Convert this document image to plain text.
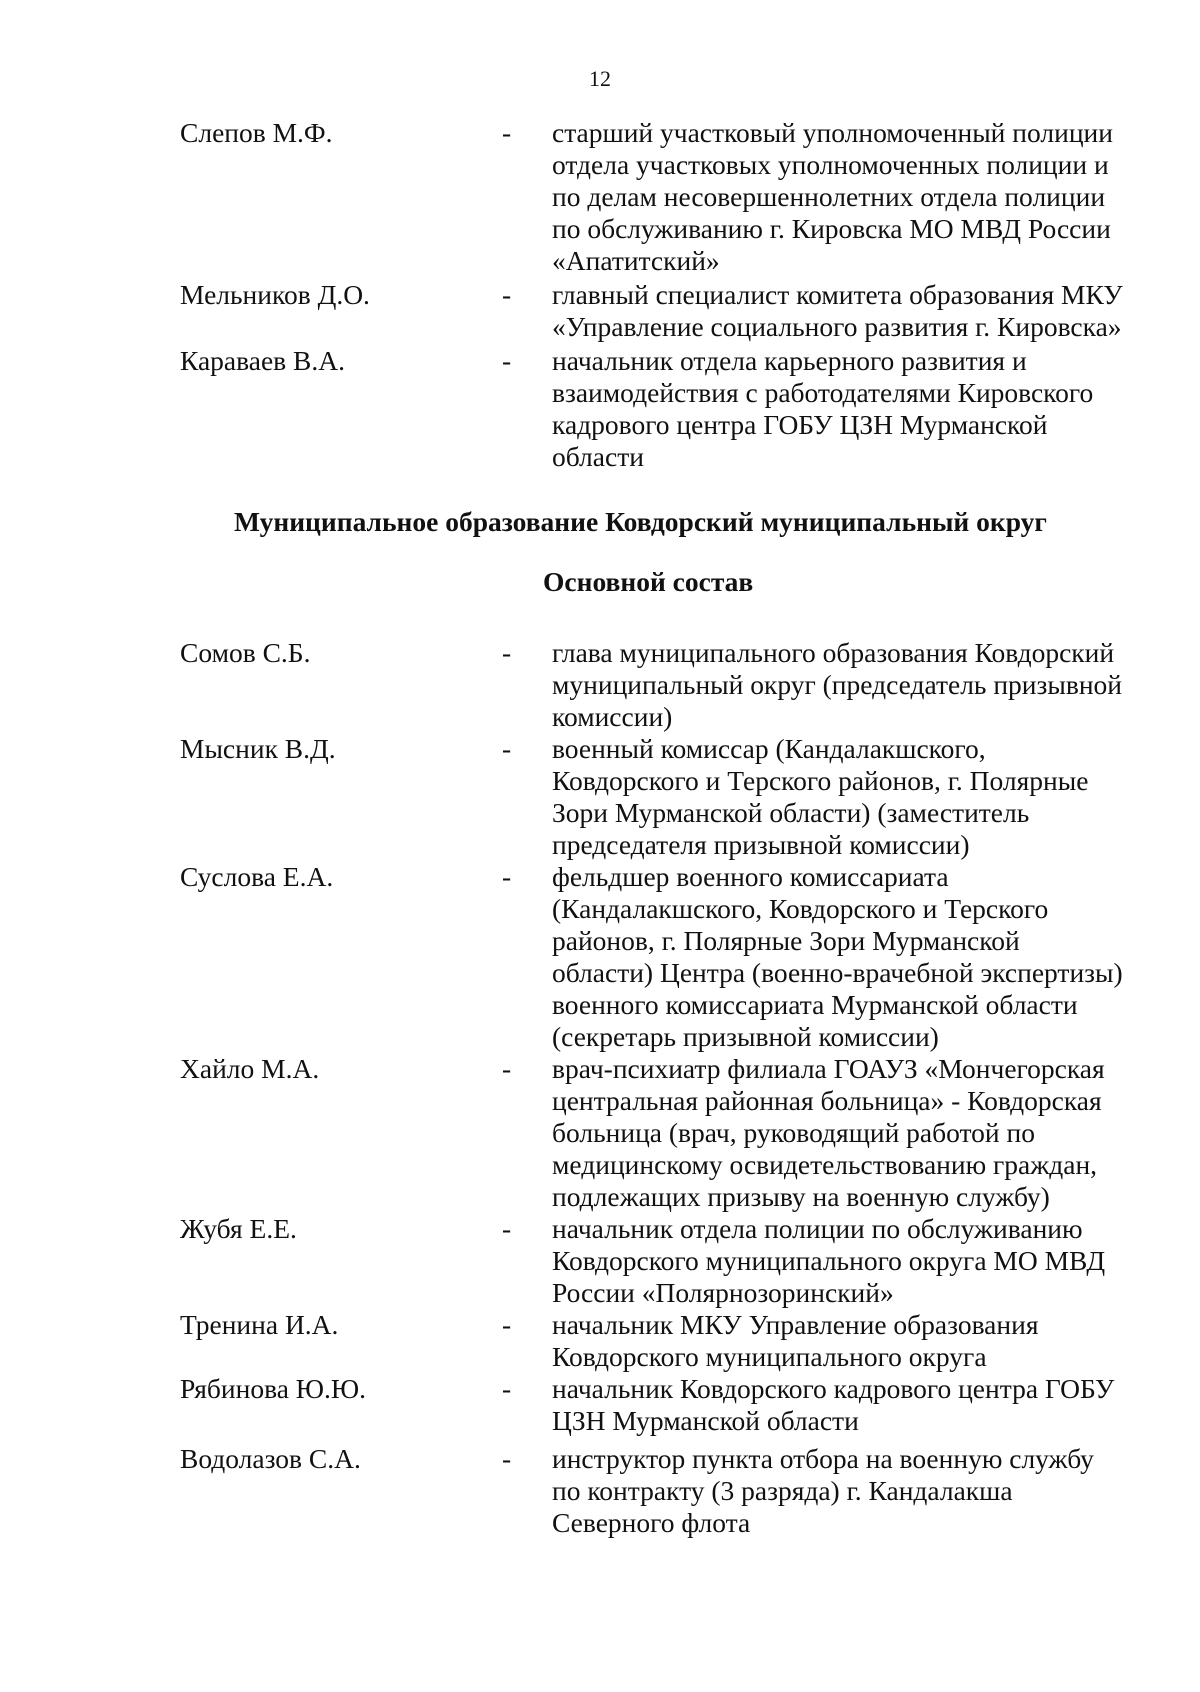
12
Слепов М.Ф.	-	старший участковый уполномоченный полиции
отдела участковых уполномоченных полиции и
по делам несовершеннолетних отдела полиции
по обслуживанию г. Кировска МО МВД России
«Апатитский»
Мельников Д.О.	-	главный специалист комитета образования МКУ
«Управление социального развития г. Кировска»
Караваев В.А.	-	начальник отдела карьерного развития и
взаимодействия с работодателями Кировского
кадрового центра ГОБУ ЦЗН Мурманской
области
Муниципальное образование Ковдорский муниципальный округ
Основной состав
Сомов С.Б.	-	глава муниципального образования Ковдорский
муниципальный округ (председатель призывной
комиссии)
Мысник В.Д.	-	военный комиссар (Кандалакшского,
Ковдорского и Терского районов, г. Полярные
Зори Мурманской области) (заместитель
председателя призывной комиссии)
Суслова Е.А.	-	фельдшер военного комиссариата
(Кандалакшского, Ковдорского и Терского
районов, г. Полярные Зори Мурманской
области) Центра (военно-врачебной экспертизы)
военного комиссариата Мурманской области
(секретарь призывной комиссии)
Хайло М.А.	-	врач-психиатр филиала ГОАУЗ «Мончегорская
центральная районная больница» - Ковдорская
больница (врач, руководящий работой по
медицинскому освидетельствованию граждан,
подлежащих призыву на военную службу)
Жубя Е.Е.	-	начальник отдела полиции по обслуживанию
Ковдорского муниципального округа МО МВД
России «Полярнозоринский»
Тренина И.А.	-	начальник МКУ Управление образования
Ковдорского муниципального округа
Рябинова Ю.Ю.	-	начальник Ковдорского кадрового центра ГОБУ
ЦЗН Мурманской области
Водолазов С.А.	-	инструктор пункта отбора на военную службу
по контракту (3 разряда) г. Кандалакша
Северного флота
